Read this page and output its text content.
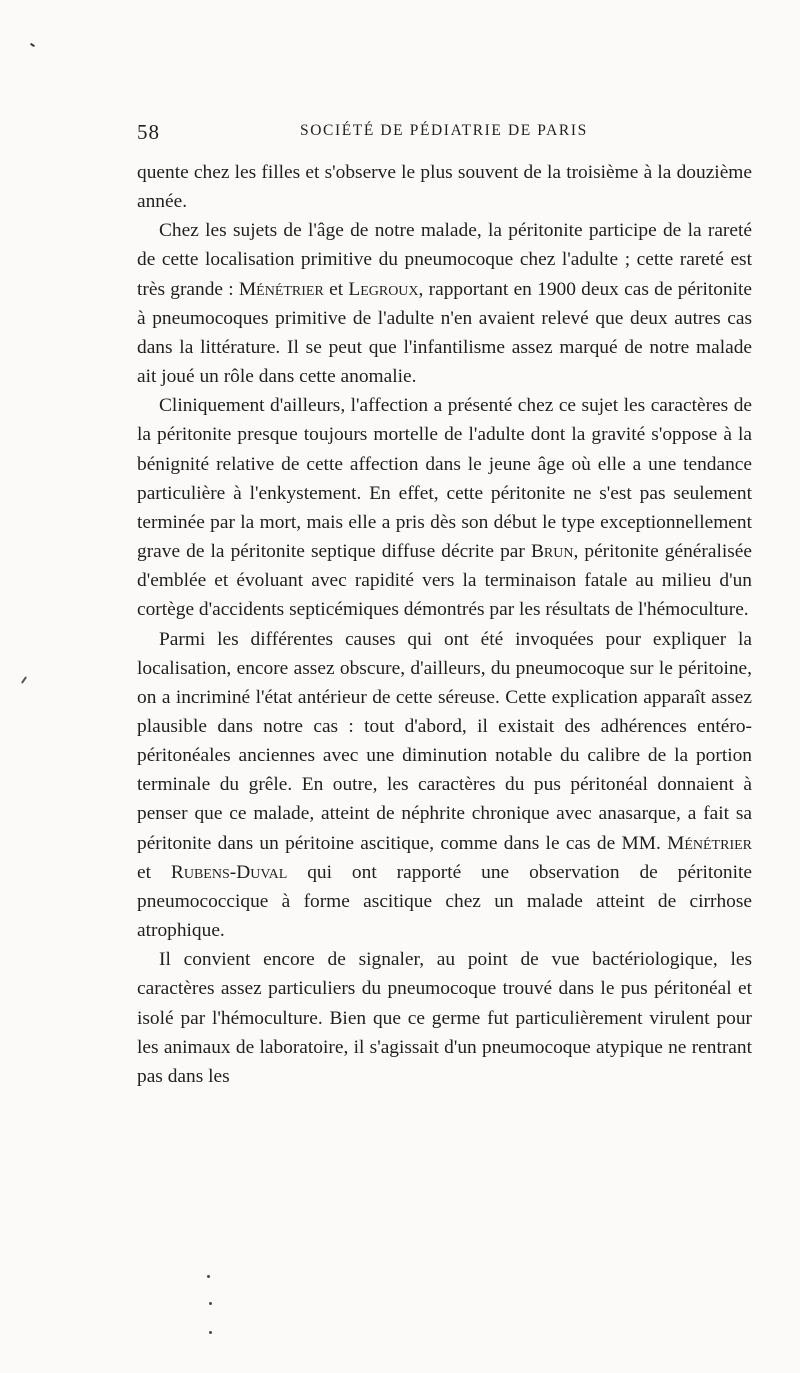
58	SOCIÉTÉ DE PÉDIATRIE DE PARIS

quente chez les filles et s'observe le plus souvent de la troisième à la douzième année.

Chez les sujets de l'âge de notre malade, la péritonite participe de la rareté de cette localisation primitive du pneumocoque chez l'adulte ; cette rareté est très grande : Ménétrier et Legroux, rapportant en 1900 deux cas de péritonite à pneumocoques primitive de l'adulte n'en avaient relevé que deux autres cas dans la littérature. Il se peut que l'infantilisme assez marqué de notre malade ait joué un rôle dans cette anomalie.

Cliniquement d'ailleurs, l'affection a présenté chez ce sujet les caractères de la péritonite presque toujours mortelle de l'adulte dont la gravité s'oppose à la bénignité relative de cette affection dans le jeune âge où elle a une tendance particulière à l'enkystement. En effet, cette péritonite ne s'est pas seulement terminée par la mort, mais elle a pris dès son début le type exceptionnellement grave de la péritonite septique diffuse décrite par Brun, péritonite généralisée d'emblée et évoluant avec rapidité vers la terminaison fatale au milieu d'un cortège d'accidents septicémiques démontrés par les résultats de l'hémoculture.

Parmi les différentes causes qui ont été invoquées pour expliquer la localisation, encore assez obscure, d'ailleurs, du pneumocoque sur le péritoine, on a incriminé l'état antérieur de cette séreuse. Cette explication apparaît assez plausible dans notre cas : tout d'abord, il existait des adhérences entéro-péritonéales anciennes avec une diminution notable du calibre de la portion terminale du grêle. En outre, les caractères du pus péritonéal donnaient à penser que ce malade, atteint de néphrite chronique avec anasarque, a fait sa péritonite dans un péritoine ascitique, comme dans le cas de MM. Ménétrier et Rubens-Duval qui ont rapporté une observation de péritonite pneumococcique à forme ascitique chez un malade atteint de cirrhose atrophique.

Il convient encore de signaler, au point de vue bactériologique, les caractères assez particuliers du pneumocoque trouvé dans le pus péritonéal et isolé par l'hémoculture. Bien que ce germe fut particulièrement virulent pour les animaux de laboratoire, il s'agissait d'un pneumocoque atypique ne rentrant pas dans les
